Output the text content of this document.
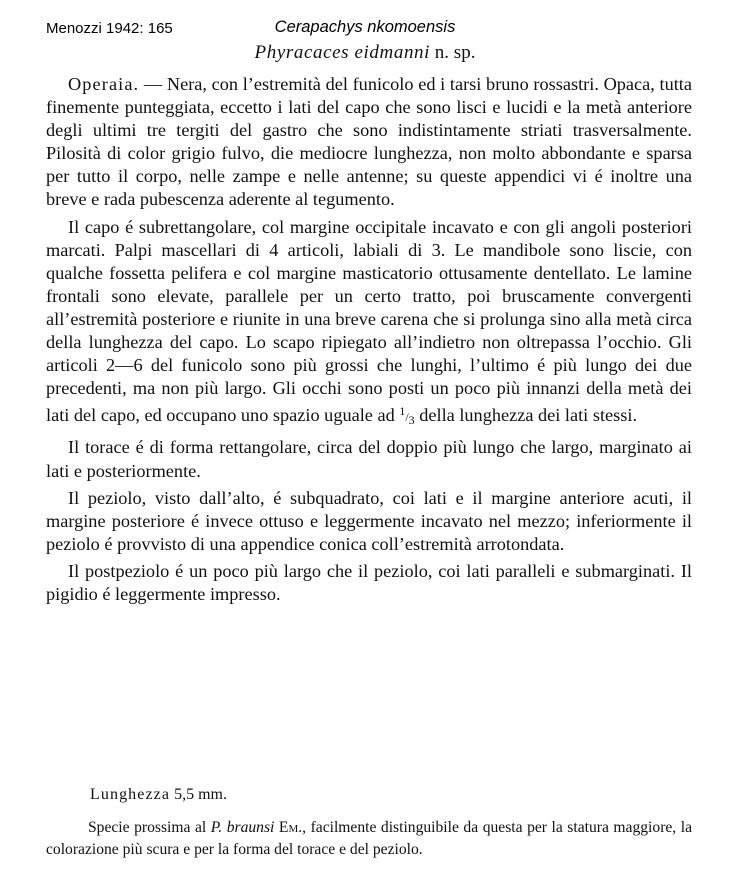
Menozzi 1942: 165	Cerapachys nkomoensis
Phyracaces eidmanni n. sp.

Operaia. — Nera, con l’estremità del funicolo ed i tarsi bruno rossastri. Opaca, tutta finemente punteggiata, eccetto i lati del capo che sono lisci e lucidi e la metà anteriore degli ultimi tre tergiti del gastro che sono indistintamente striati trasversalmente. Pilosità di color grigio fulvo, die mediocre lunghezza, non molto abbondante e sparsa per tutto il corpo, nelle zampe e nelle antenne; su queste appendici vi é inoltre una breve e rada pubescenza aderente al tegumento.

Il capo é subrettangolare, col margine occipitale incavato e con gli angoli posteriori marcati. Palpi mascellari di 4 articoli, labiali di 3. Le mandibole sono liscie, con qualche fossetta pelifera e col margine masticatorio ottusamente dentellato. Le lamine frontali sono elevate, parallele per un certo tratto, poi bruscamente convergenti all’estremità posteriore e riunite in una breve carena che si prolunga sino alla metà circa della lunghezza del capo. Lo scapo ripiegato all’indietro non oltrepassa l’occhio. Gli articoli 2—6 del funicolo sono più grossi che lunghi, l’ultimo é più lungo dei due precedenti, ma non più largo. Gli occhi sono posti un poco più innanzi della metà dei lati del capo, ed occupano uno spazio uguale ad 1/3 della lunghezza dei lati stessi.

Il torace é di forma rettangolare, circa del doppio più lungo che largo, marginato ai lati e posteriormente.

Il peziolo, visto dall’alto, é subquadrato, coi lati e il margine anteriore acuti, il margine posteriore é invece ottuso e leggermente incavato nel mezzo; inferiormente il peziolo é provvisto di una appendice conica coll’estremità arrotondata.

Il postpeziolo é un poco più largo che il peziolo, coi lati paralleli e submarginati. Il pigidio é leggermente impresso.

Lunghezza 5,5 mm.

Specie prossima al P. braunsi Em., facilmente distinguibile da questa per la statura maggiore, la colorazione più scura e per la forma del torace e del peziolo.
